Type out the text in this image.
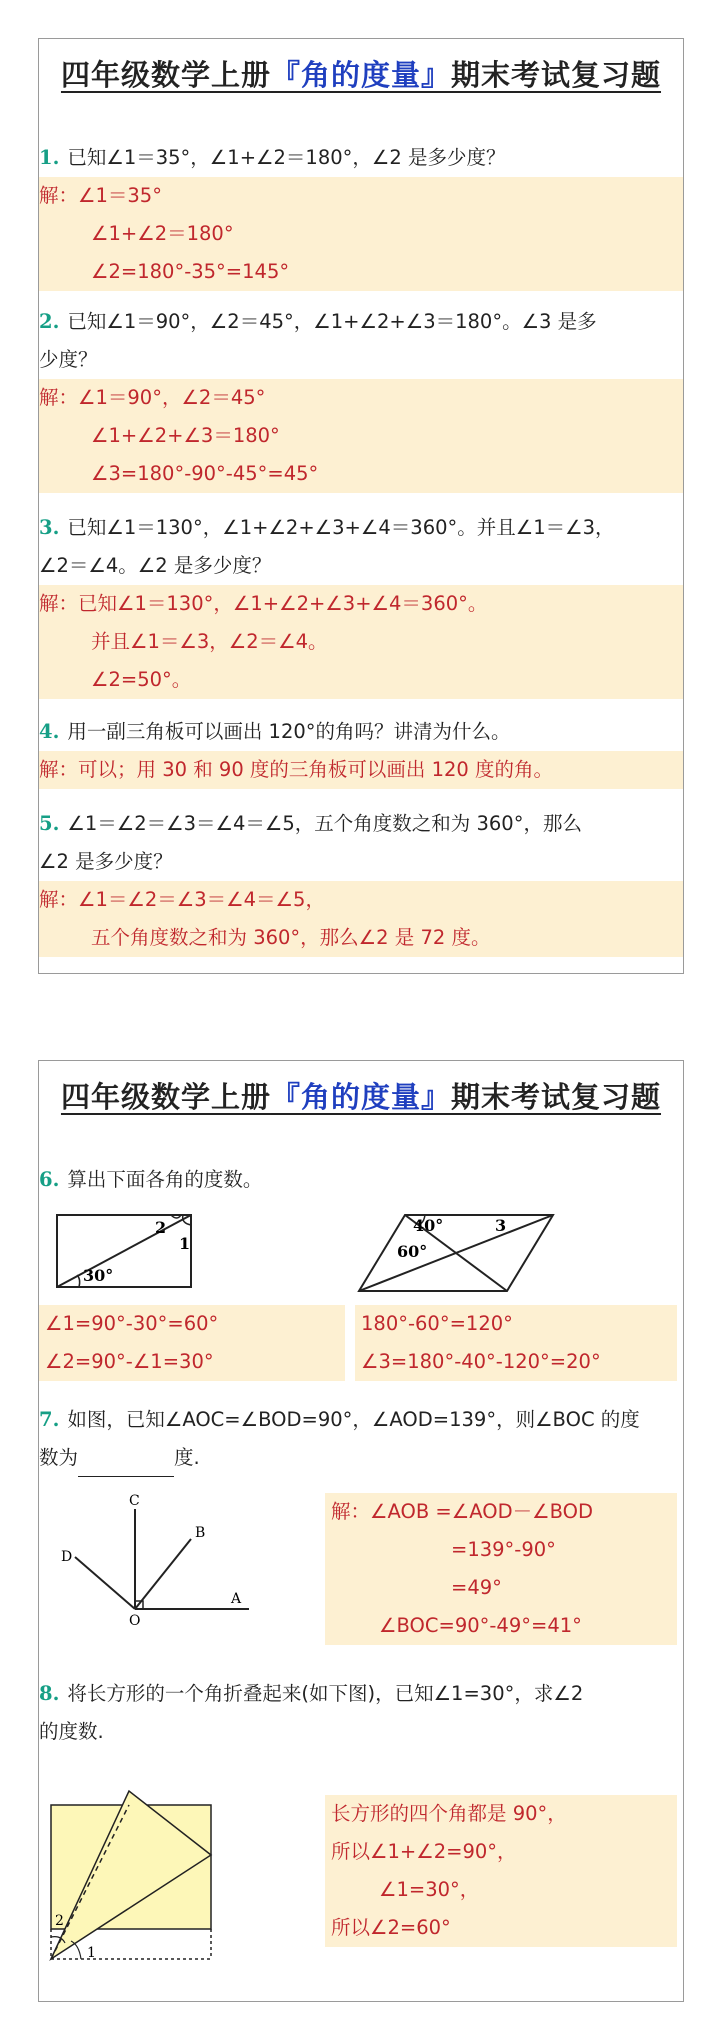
四年级数学上册『角的度量』期末考试复习题
1. 已知∠1＝35°，∠1+∠2＝180°，∠2 是多少度？
解：∠1＝35°
∠1+∠2＝180°
∠2=180°-35°=145°
2. 已知∠1＝90°，∠2＝45°，∠1+∠2+∠3＝180°。∠3 是多
少度？
解：∠1＝90°，∠2＝45°
∠1+∠2+∠3＝180°
∠3=180°-90°-45°=45°
3. 已知∠1＝130°，∠1+∠2+∠3+∠4＝360°。并且∠1＝∠3，
∠2＝∠4。∠2 是多少度？
解：已知∠1＝130°，∠1+∠2+∠3+∠4＝360°。
并且∠1＝∠3，∠2＝∠4。
∠2=50°。
4. 用一副三角板可以画出 120°的角吗？讲清为什么。
解：可以；用 30 和 90 度的三角板可以画出 120 度的角。
5. ∠1＝∠2＝∠3＝∠4＝∠5，五个角度数之和为 360°，那么
∠2 是多少度？
解：∠1＝∠2＝∠3＝∠4＝∠5，
五个角度数之和为 360°，那么∠2 是 72 度。
四年级数学上册『角的度量』期末考试复习题
6. 算出下面各角的度数。
2
1
30°
40°	3
60°
∠1=90°-30°=60°
∠2=90°-∠1=30°
180°-60°=120°
∠3=180°-40°-120°=20°
7. 如图，已知∠AOC=∠BOD=90°，∠AOD=139°，则∠BOC 的度
数为	度.
A
B
C
D
O
解：∠AOB =∠AOD－∠BOD
=139°-90°
=49°
∠BOC=90°-49°=41°
8. 将长方形的一个角折叠起来(如下图)，已知∠1=30°，求∠2
的度数.
2
1
长方形的四个角都是 90°，
所以∠1+∠2=90°，
∠1=30°，
所以∠2=60°
